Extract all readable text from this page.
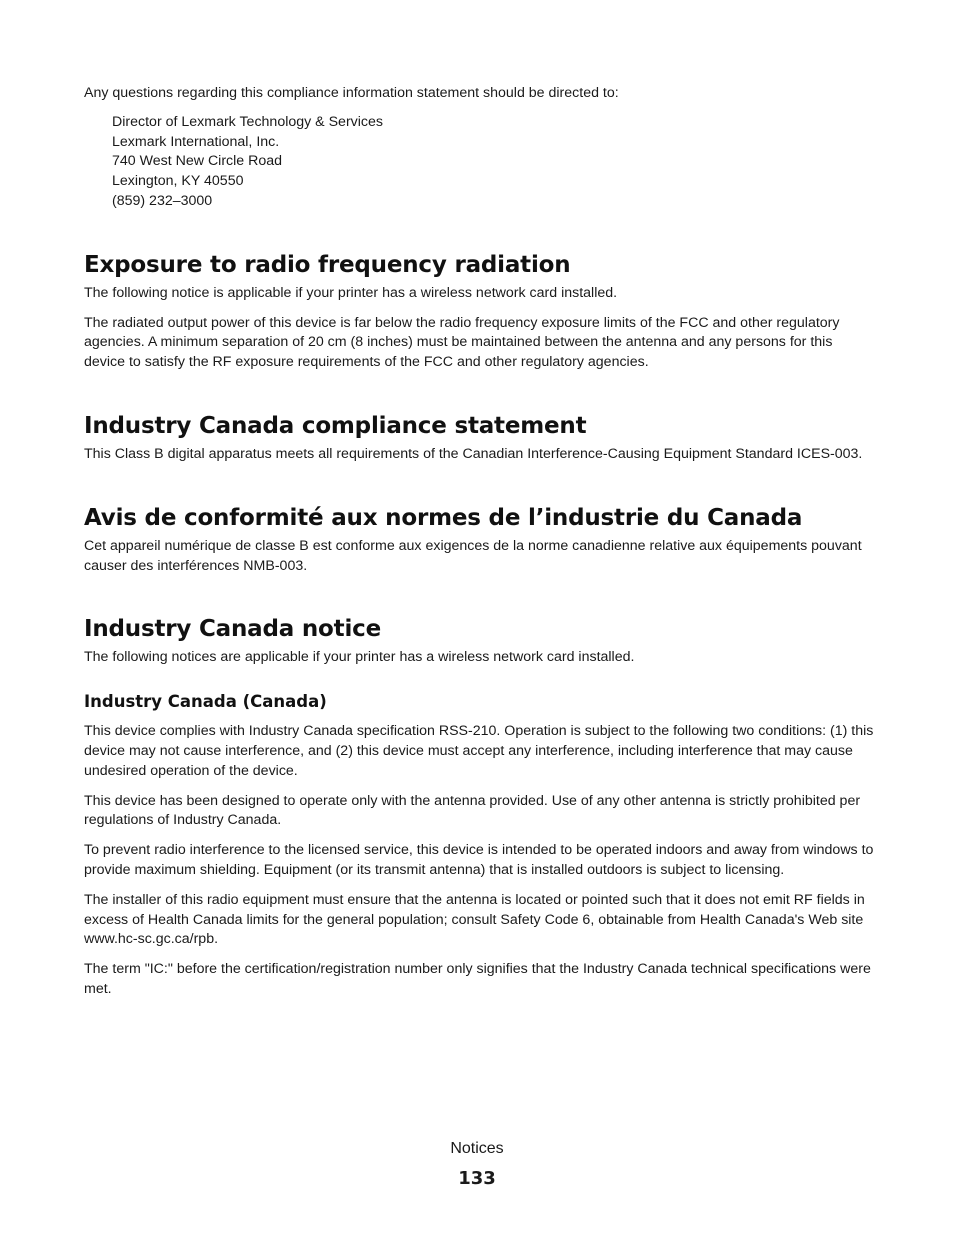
Any questions regarding this compliance information statement should be directed to:

Director of Lexmark Technology & Services
Lexmark International, Inc.
740 West New Circle Road
Lexington, KY 40550
(859) 232–3000
Exposure to radio frequency radiation

The following notice is applicable if your printer has a wireless network card installed.

The radiated output power of this device is far below the radio frequency exposure limits of the FCC and other regulatory agencies. A minimum separation of 20 cm (8 inches) must be maintained between the antenna and any persons for this device to satisfy the RF exposure requirements of the FCC and other regulatory agencies.

Industry Canada compliance statement

This Class B digital apparatus meets all requirements of the Canadian Interference-Causing Equipment Standard ICES-003.

Avis de conformité aux normes de l’industrie du Canada

Cet appareil numérique de classe B est conforme aux exigences de la norme canadienne relative aux équipements pouvant causer des interférences NMB-003.

Industry Canada notice

The following notices are applicable if your printer has a wireless network card installed.

Industry Canada (Canada)

This device complies with Industry Canada specification RSS-210. Operation is subject to the following two conditions: (1) this device may not cause interference, and (2) this device must accept any interference, including interference that may cause undesired operation of the device.

This device has been designed to operate only with the antenna provided. Use of any other antenna is strictly prohibited per regulations of Industry Canada.

To prevent radio interference to the licensed service, this device is intended to be operated indoors and away from windows to provide maximum shielding. Equipment (or its transmit antenna) that is installed outdoors is subject to licensing.

The installer of this radio equipment must ensure that the antenna is located or pointed such that it does not emit RF fields in excess of Health Canada limits for the general population; consult Safety Code 6, obtainable from Health Canada's Web site www.hc-sc.gc.ca/rpb.

The term "IC:" before the certification/registration number only signifies that the Industry Canada technical specifications were met.

Notices
133
